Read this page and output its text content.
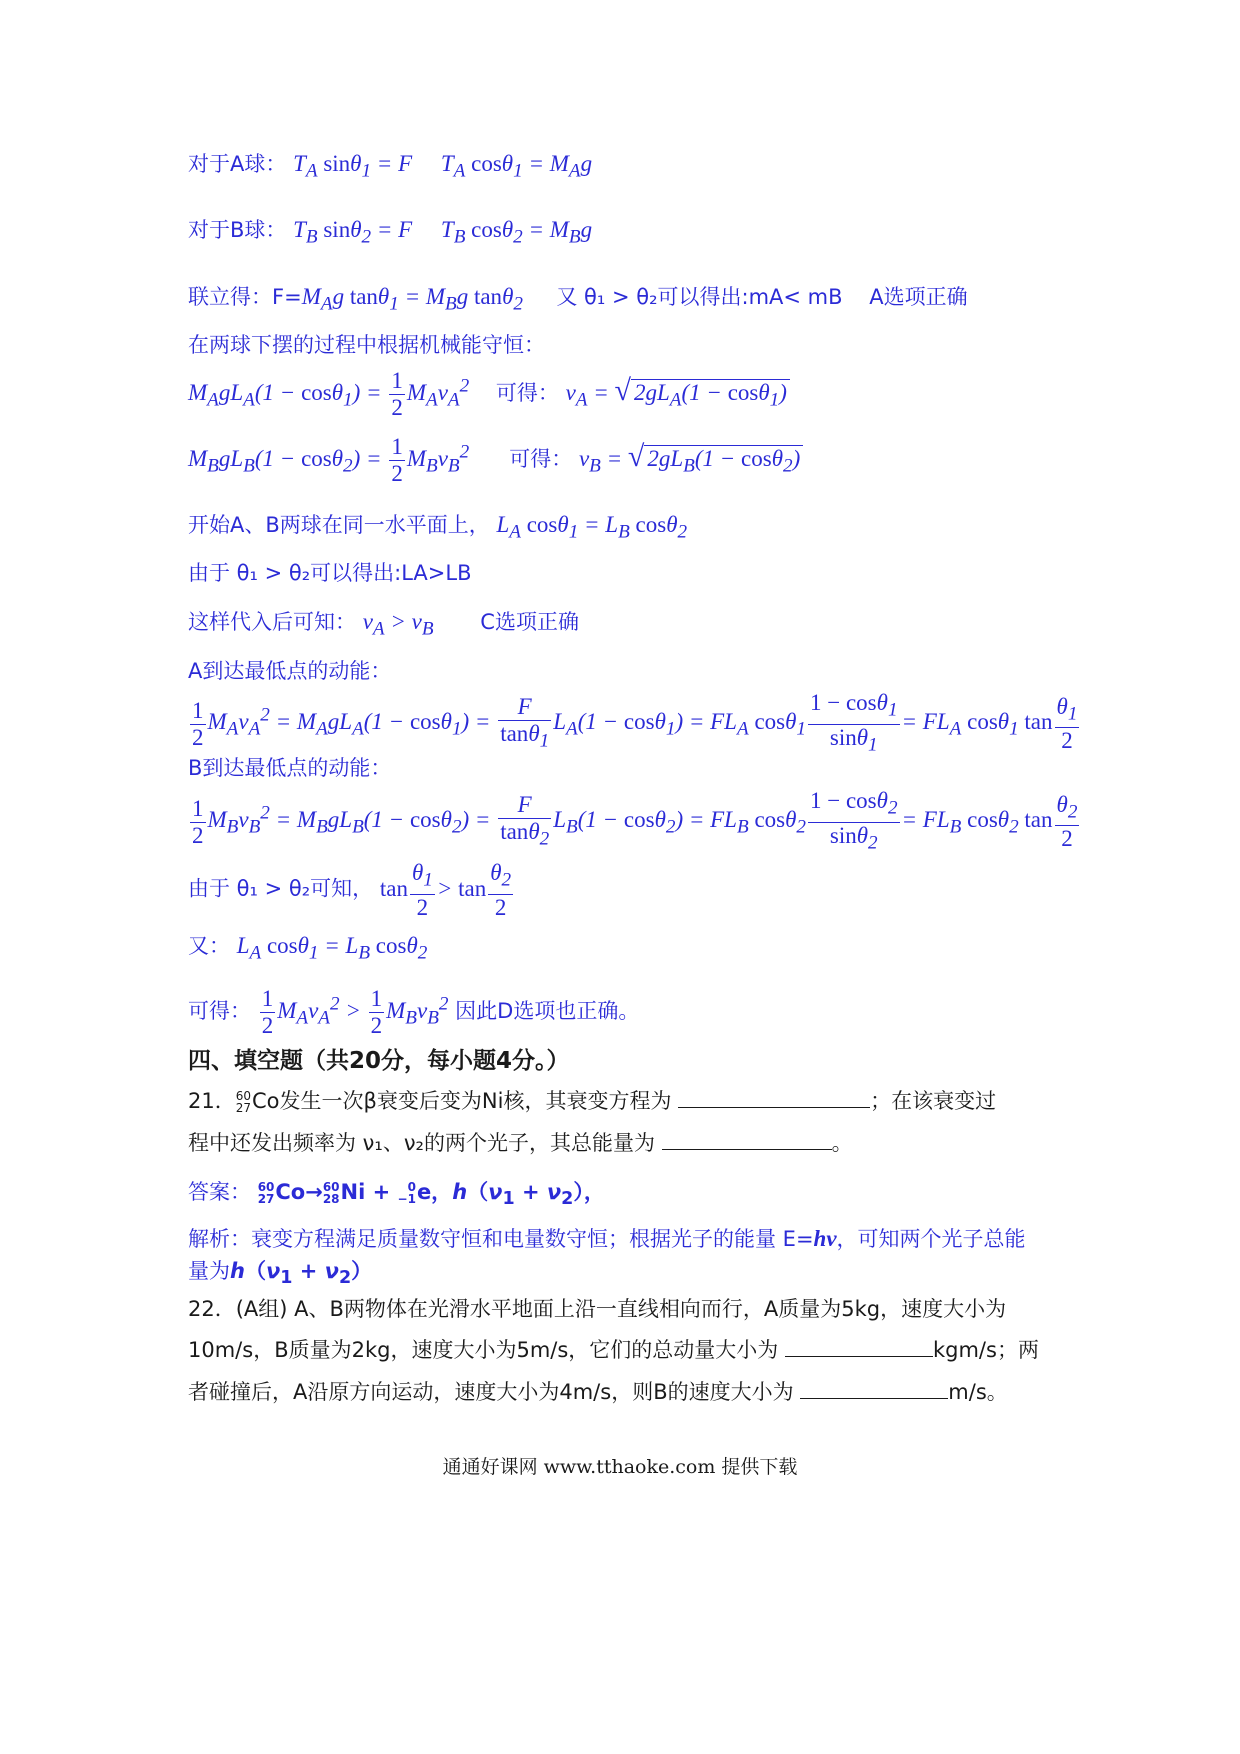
对于A球： $T_A$ sinθ$_1$ = F     $T_A$ $\cos\theta_1 = M_Ag$
对于B球： $T_B$ sinθ$_2$ = F     $T_B$ $\cos\theta_2 = M_Bg$
联立得：$F=M_Ag$ $\tan\theta_1 = M_Bg$ tanθ$_2$ 又 θ₁ > θ₂可以得出:mA< mB A选项正确
在两球下摆的过程中根据机械能守恒：
$M_AgL_A(1 - \cos\theta_1) = \frac{1}{2} M_Av_A^2$ 可得： $v_A$ = √ $2gL_A(1 - \cos\theta_1)$
$M_BgL_B(1 - \cos\theta_2) = \frac{1}{2} M_Bv_B^2$ 可得： $v_B$ = √ $2gL_B(1 - \cos\theta_2)$
开始A、B两球在同一水平面上， $L_A$ $\cos\theta_1 = L_B$ cosθ$_2$
由于 θ₁ > θ₂可以得出:LA>LB
这样代入后可知： $v_A > v_B$ C选项正确
A到达最低点的动能：
$\frac{1}{2} M_Av_A^2 = M_AgL_A(1 - \cos\theta_1) = \frac{F}{\tan\theta_1} L_A(1 - \cos\theta_1) = FL_A$ $\cos\theta_1 \frac{1 - \cos\theta_1}{\sin\theta_1} = FL_A$ cosθ$_1$ $\tan \frac{\theta_1}{2}$
B到达最低点的动能：
$\frac{1}{2} M_Bv_B^2 = M_BgL_B(1 - \cos\theta_2) = \frac{F}{\tan\theta_2} L_B(1 - \cos\theta_2) = FL_B$ $\cos\theta_2 \frac{1 - \cos\theta_2}{\sin\theta_2} = FL_B$ cosθ$_2$ $\tan \frac{\theta_2}{2}$
由于 θ₁ > θ₂可知， $\tan \frac{\theta_1}{2} > \tan \frac{\theta_2}{2}$
又： $L_A$ $\cos\theta_1 = L_B$ cosθ$_2$
可得： $\frac{1}{2} M_Av_A^2 > \frac{1}{2} M_Bv_B^2$ 因此D选项也正确。
四、填空题（共20分，每小题4分。）
21． 60
27 Co发生一次β衰变后变为Ni核，其衰变方程为	；在该衰变过
程中还发出频率为 ν₁、ν₂的两个光子，其总能量为	。
答案： 60
27 Co→ 60
28 Ni + 0
−1 e，$h(\nu_1 + \nu_2)$，
解析：衰变方程满足质量数守恒和电量数守恒；根据光子的能量 E=hν，可知两个光子总能
量为$h(\nu_1 + \nu_2)$
22．(A组) A、B两物体在光滑水平地面上沿一直线相向而行，A质量为5kg，速度大小为
10m/s，B质量为2kg，速度大小为5m/s，它们的总动量大小为	kgm/s；两
者碰撞后，A沿原方向运动，速度大小为4m/s，则B的速度大小为	m/s。
通通好课网 www.tthaoke.com 提供下载
